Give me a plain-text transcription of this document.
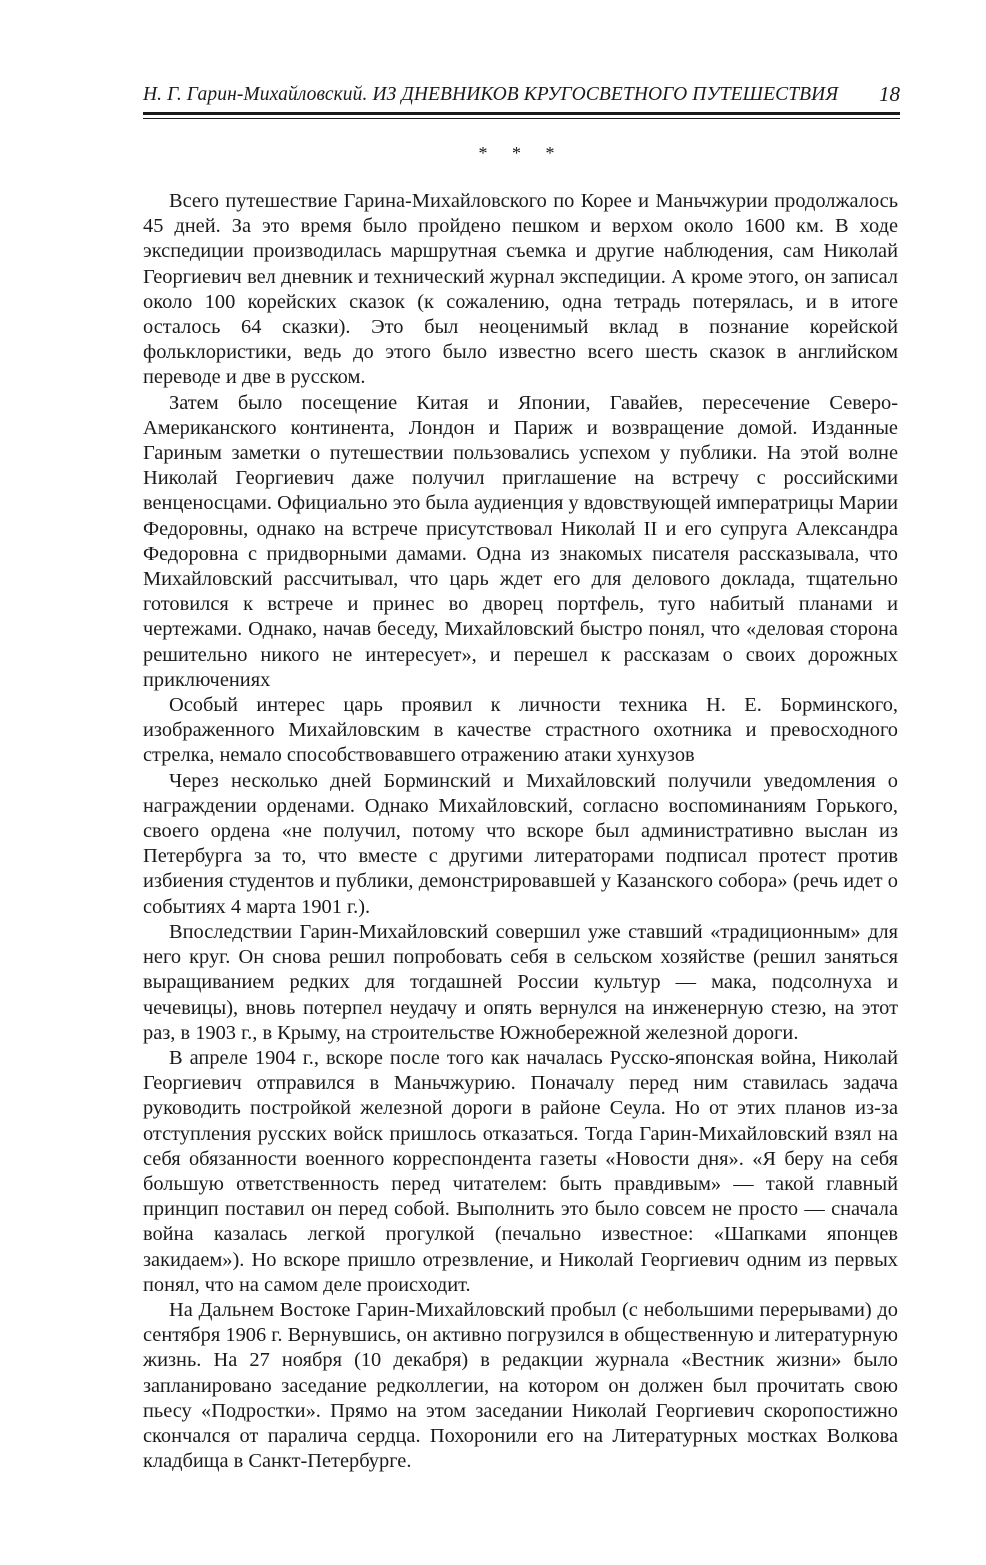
Н. Г. Гарин-Михайловский. ИЗ ДНЕВНИКОВ КРУГОСВЕТНОГО ПУТЕШЕСТВИЯ 18
* * *

Всего путешествие Гарина-Михайловского по Корее и Маньчжурии продолжалось 45 дней. За это время было пройдено пешком и верхом около 1600 км. В ходе экспедиции производилась маршрутная съемка и другие наблюдения, сам Николай Георгиевич вел дневник и технический журнал экспедиции. А кроме этого, он записал около 100 корейских сказок (к сожалению, одна тетрадь потерялась, и в итоге осталось 64 сказки). Это был неоценимый вклад в познание корейской фольклористики, ведь до этого было известно всего шесть сказок в английском переводе и две в русском.

Затем было посещение Китая и Японии, Гавайев, пересечение Северо-Американского континента, Лондон и Париж и возвращение домой. Изданные Гариным заметки о путешествии пользовались успехом у публики. На этой волне Николай Георгиевич даже получил приглашение на встречу с российскими венценосцами. Официально это была аудиенция у вдовствующей императрицы Марии Федоровны, однако на встрече присутствовал Николай II и его супруга Александра Федоровна с придворными дамами. Одна из знакомых писателя рассказывала, что Михайловский рассчитывал, что царь ждет его для делового доклада, тщательно готовился к встрече и принес во дворец портфель, туго набитый планами и чертежами. Однако, начав беседу, Михайловский быстро понял, что «деловая сторона решительно никого не интересует», и перешел к рассказам о своих дорожных приключениях

Особый интерес царь проявил к личности техника Н. Е. Борминского, изображенного Михайловским в качестве страстного охотника и превосходного стрелка, немало способствовавшего отражению атаки хунхузов

Через несколько дней Борминский и Михайловский получили уведомления о награждении орденами. Однако Михайловский, согласно воспоминаниям Горького, своего ордена «не получил, потому что вскоре был административно выслан из Петербурга за то, что вместе с другими литераторами подписал протест против избиения студентов и публики, демонстрировавшей у Казанского собора» (речь идет о событиях 4 марта 1901 г.).

Впоследствии Гарин-Михайловский совершил уже ставший «традиционным» для него круг. Он снова решил попробовать себя в сельском хозяйстве (решил заняться выращиванием редких для тогдашней России культур — мака, подсолнуха и чечевицы), вновь потерпел неудачу и опять вернулся на инженерную стезю, на этот раз, в 1903 г., в Крыму, на строительстве Южнобережной железной дороги.

В апреле 1904 г., вскоре после того как началась Русско-японская война, Николай Георгиевич отправился в Маньчжурию. Поначалу перед ним ставилась задача руководить постройкой железной дороги в районе Сеула. Но от этих планов из-за отступления русских войск пришлось отказаться. Тогда Гарин-Михайловский взял на себя обязанности военного корреспондента газеты «Новости дня». «Я беру на себя большую ответственность перед читателем: быть правдивым» — такой главный принцип поставил он перед собой. Выполнить это было совсем не просто — сначала война казалась легкой прогулкой (печально известное: «Шапками японцев закидаем»). Но вскоре пришло отрезвление, и Николай Георгиевич одним из первых понял, что на самом деле происходит.

На Дальнем Востоке Гарин-Михайловский пробыл (с небольшими перерывами) до сентября 1906 г. Вернувшись, он активно погрузился в общественную и литературную жизнь. На 27 ноября (10 декабря) в редакции журнала «Вестник жизни» было запланировано заседание редколлегии, на котором он должен был прочитать свою пьесу «Подростки». Прямо на этом заседании Николай Георгиевич скоропостижно скончался от паралича сердца. Похоронили его на Литературных мостках Волкова кладбища в Санкт-Петербурге.
